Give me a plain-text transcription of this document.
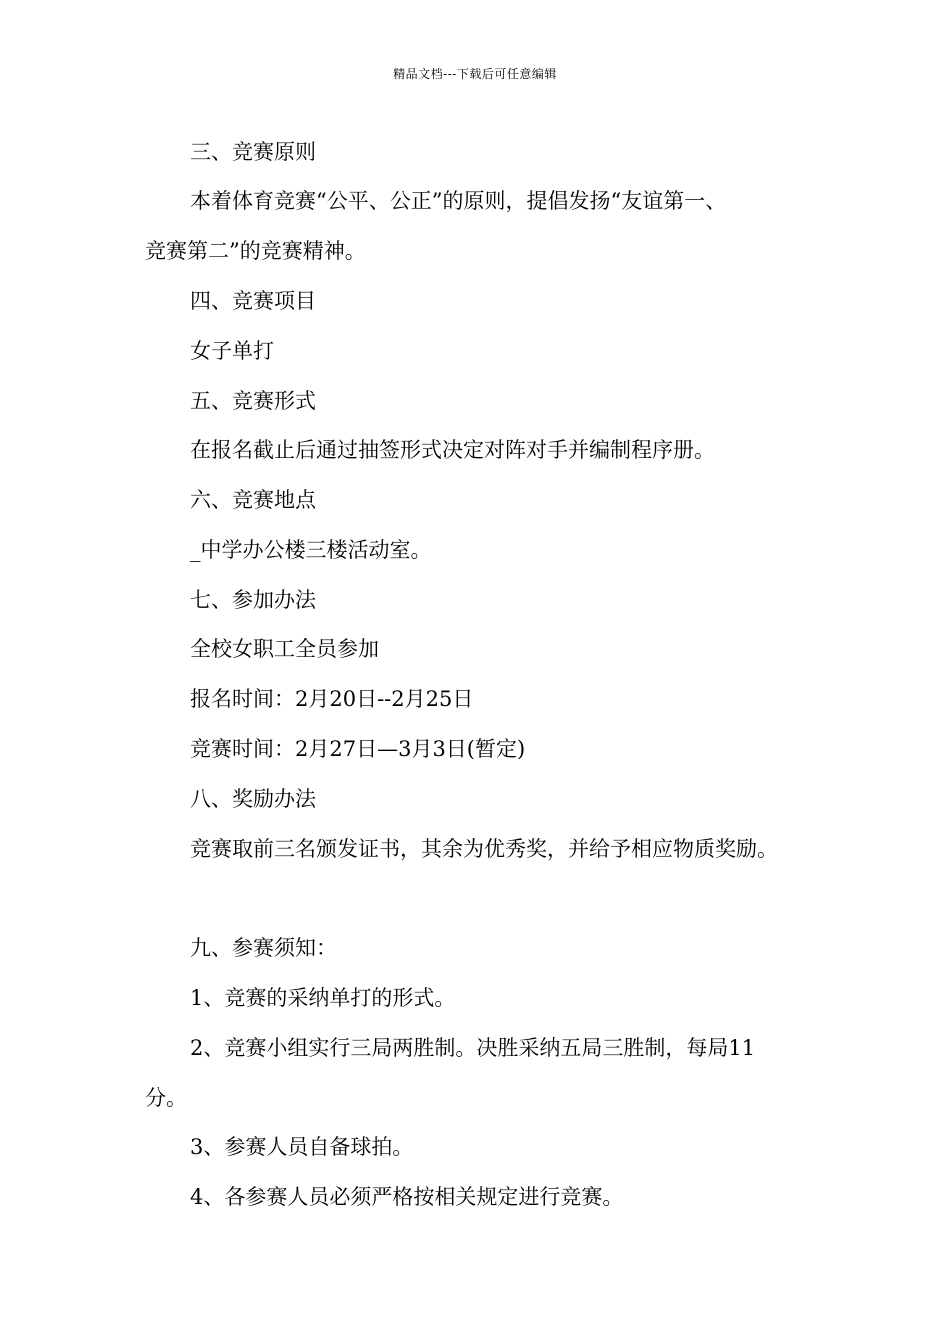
精品文档---下载后可任意编辑
三、竞赛原则
本着体育竞赛“公平、公正”的原则，提倡发扬“友谊第一、
竞赛第二”的竞赛精神。
四、竞赛项目
女子单打
五、竞赛形式
在报名截止后通过抽签形式决定对阵对手并编制程序册。
六、竞赛地点
_中学办公楼三楼活动室。
七、参加办法
全校女职工全员参加
报名时间：2月20日--2月25日
竞赛时间：2月27日—3月3日(暂定)
八、奖励办法
竞赛取前三名颁发证书，其余为优秀奖，并给予相应物质奖励。
九、参赛须知：
1、竞赛的采纳单打的形式。
2、竞赛小组实行三局两胜制。决胜采纳五局三胜制，每局11
分。
3、参赛人员自备球拍。
4、各参赛人员必须严格按相关规定进行竞赛。
